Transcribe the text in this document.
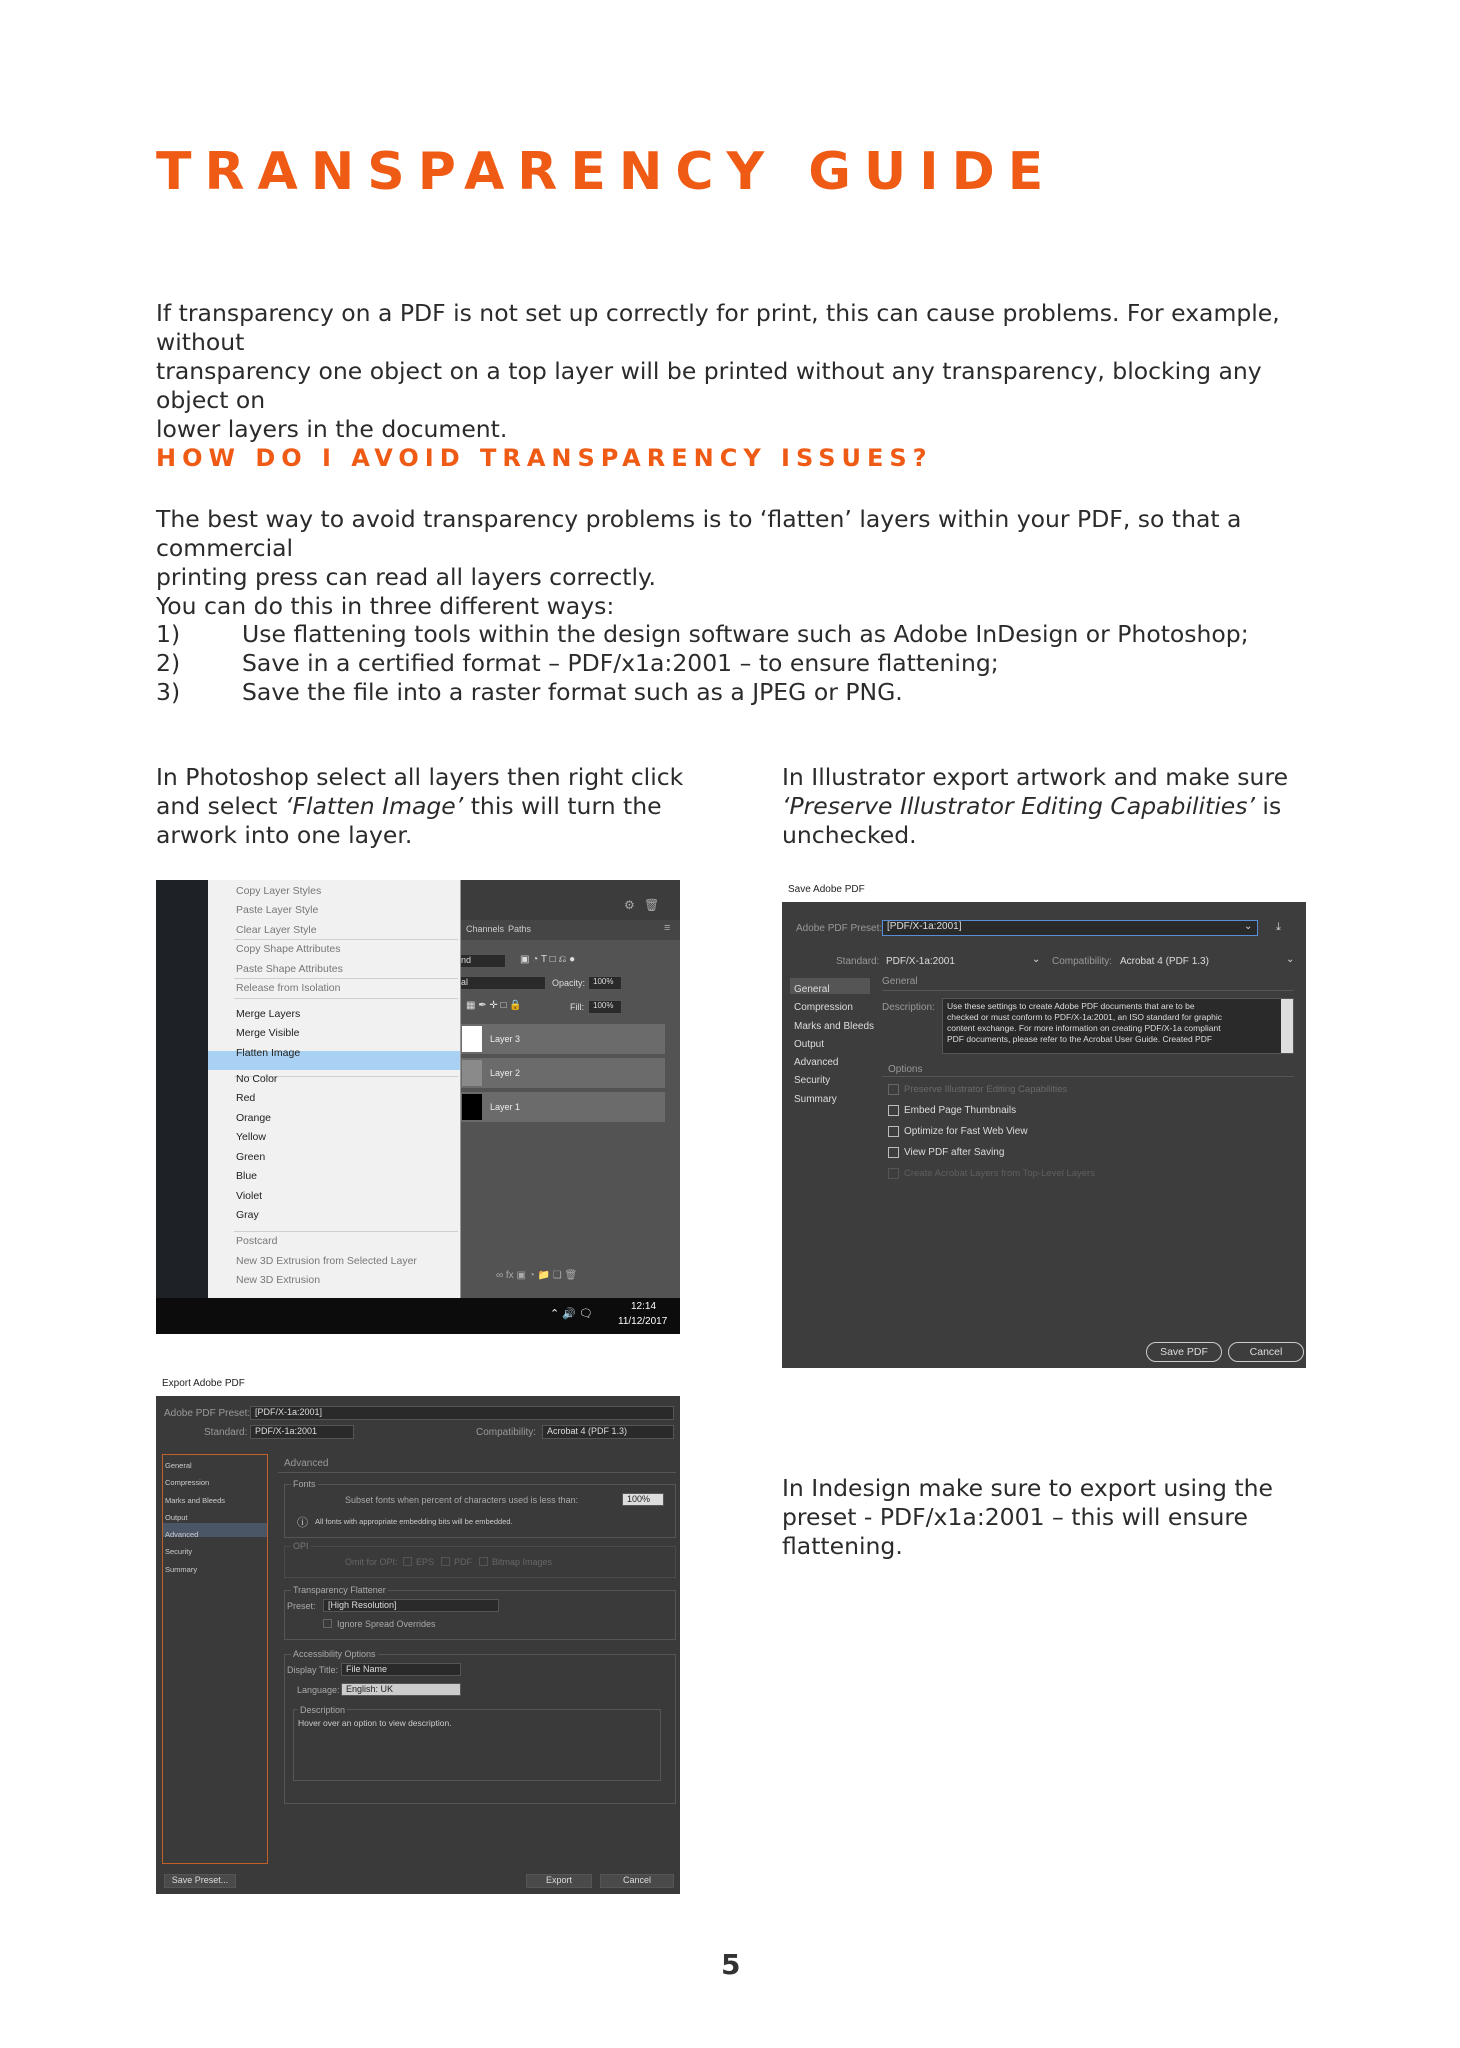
TRANSPARENCY GUIDE
If transparency on a PDF is not set up correctly for print, this can cause problems. For example, without
transparency one object on a top layer will be printed without any transparency, blocking any object on
lower layers in the document.
HOW DO I AVOID TRANSPARENCY ISSUES?
The best way to avoid transparency problems is to ‘flatten’ layers within your PDF, so that a commercial
printing press can read all layers correctly.
You can do this in three different ways:
1)	Use flattening tools within the design software such as Adobe InDesign or Photoshop;
2)	Save in a certified format – PDF/x1a:2001 – to ensure flattening;
3)	Save the file into a raster format such as a JPEG or PNG.
In Photoshop select all layers then right click
and select ‘Flatten Image’ this will turn the
arwork into one layer.
In Illustrator export artwork and make sure
‘Preserve Illustrator Editing Capabilities’ is
unchecked.
In Indesign make sure to export using the
preset - PDF/x1a:2001 – this will ensure
flattening.
⚙ 🗑
Channels Paths	≡
nd	▣ ◔ T □ ⎌ ●
al	Opacity: 100%
▦ ✒ ✛ □ 🔒	Fill:	100%
Layer 3
Layer 2
Layer 1
∞ fx ▣ ◔ 📁 ❏ 🗑
Copy Layer Styles
Paste Layer Style
Clear Layer Style
Copy Shape Attributes
Paste Shape Attributes
Release from Isolation
Merge Layers
Merge Visible
Flatten Image
No Color
Red
Orange
Yellow
Green
Blue
Violet
Gray
Postcard
New 3D Extrusion from Selected Layer
New 3D Extrusion
⌃ 🔊 🗨
12:14
11/12/2017
Save Adobe PDF
Adobe PDF Preset: [PDF/X-1a:2001]	⌄ ⤓
Standard: PDF/X-1a:2001	⌄ Compatibility: Acrobat 4 (PDF 1.3)	⌄
General
Compression
Marks and Bleeds
Output
Advanced
Security
Summary
General
Description: Use these settings to create Adobe PDF documents that are to be
checked or must conform to PDF/X-1a:2001, an ISO standard for graphic
content exchange. For more information on creating PDF/X-1a compliant
PDF documents, please refer to the Acrobat User Guide. Created PDF
Options
Preserve Illustrator Editing Capabilities
Embed Page Thumbnails
Optimize for Fast Web View
View PDF after Saving
Create Acrobat Layers from Top-Level Layers
Save PDF	Cancel
Export Adobe PDF
Adobe PDF Preset: [PDF/X-1a:2001]
Standard: PDF/X-1a:2001	Compatibility:	Acrobat 4 (PDF 1.3)
General
Compression
Marks and Bleeds
Output
Advanced
Security
Summary
Advanced
Fonts
Subset fonts when percent of characters used is less than:	100%
ⓘ All fonts with appropriate embedding bits will be embedded.
OPI
Omit for OPI: EPS PDF Bitmap Images
Transparency Flattener
Preset:	[High Resolution]
Ignore Spread Overrides
Accessibility Options
Display Title: File Name
Language: English: UK
Description
Hover over an option to view description.
Save Preset...	Export	Cancel
5
